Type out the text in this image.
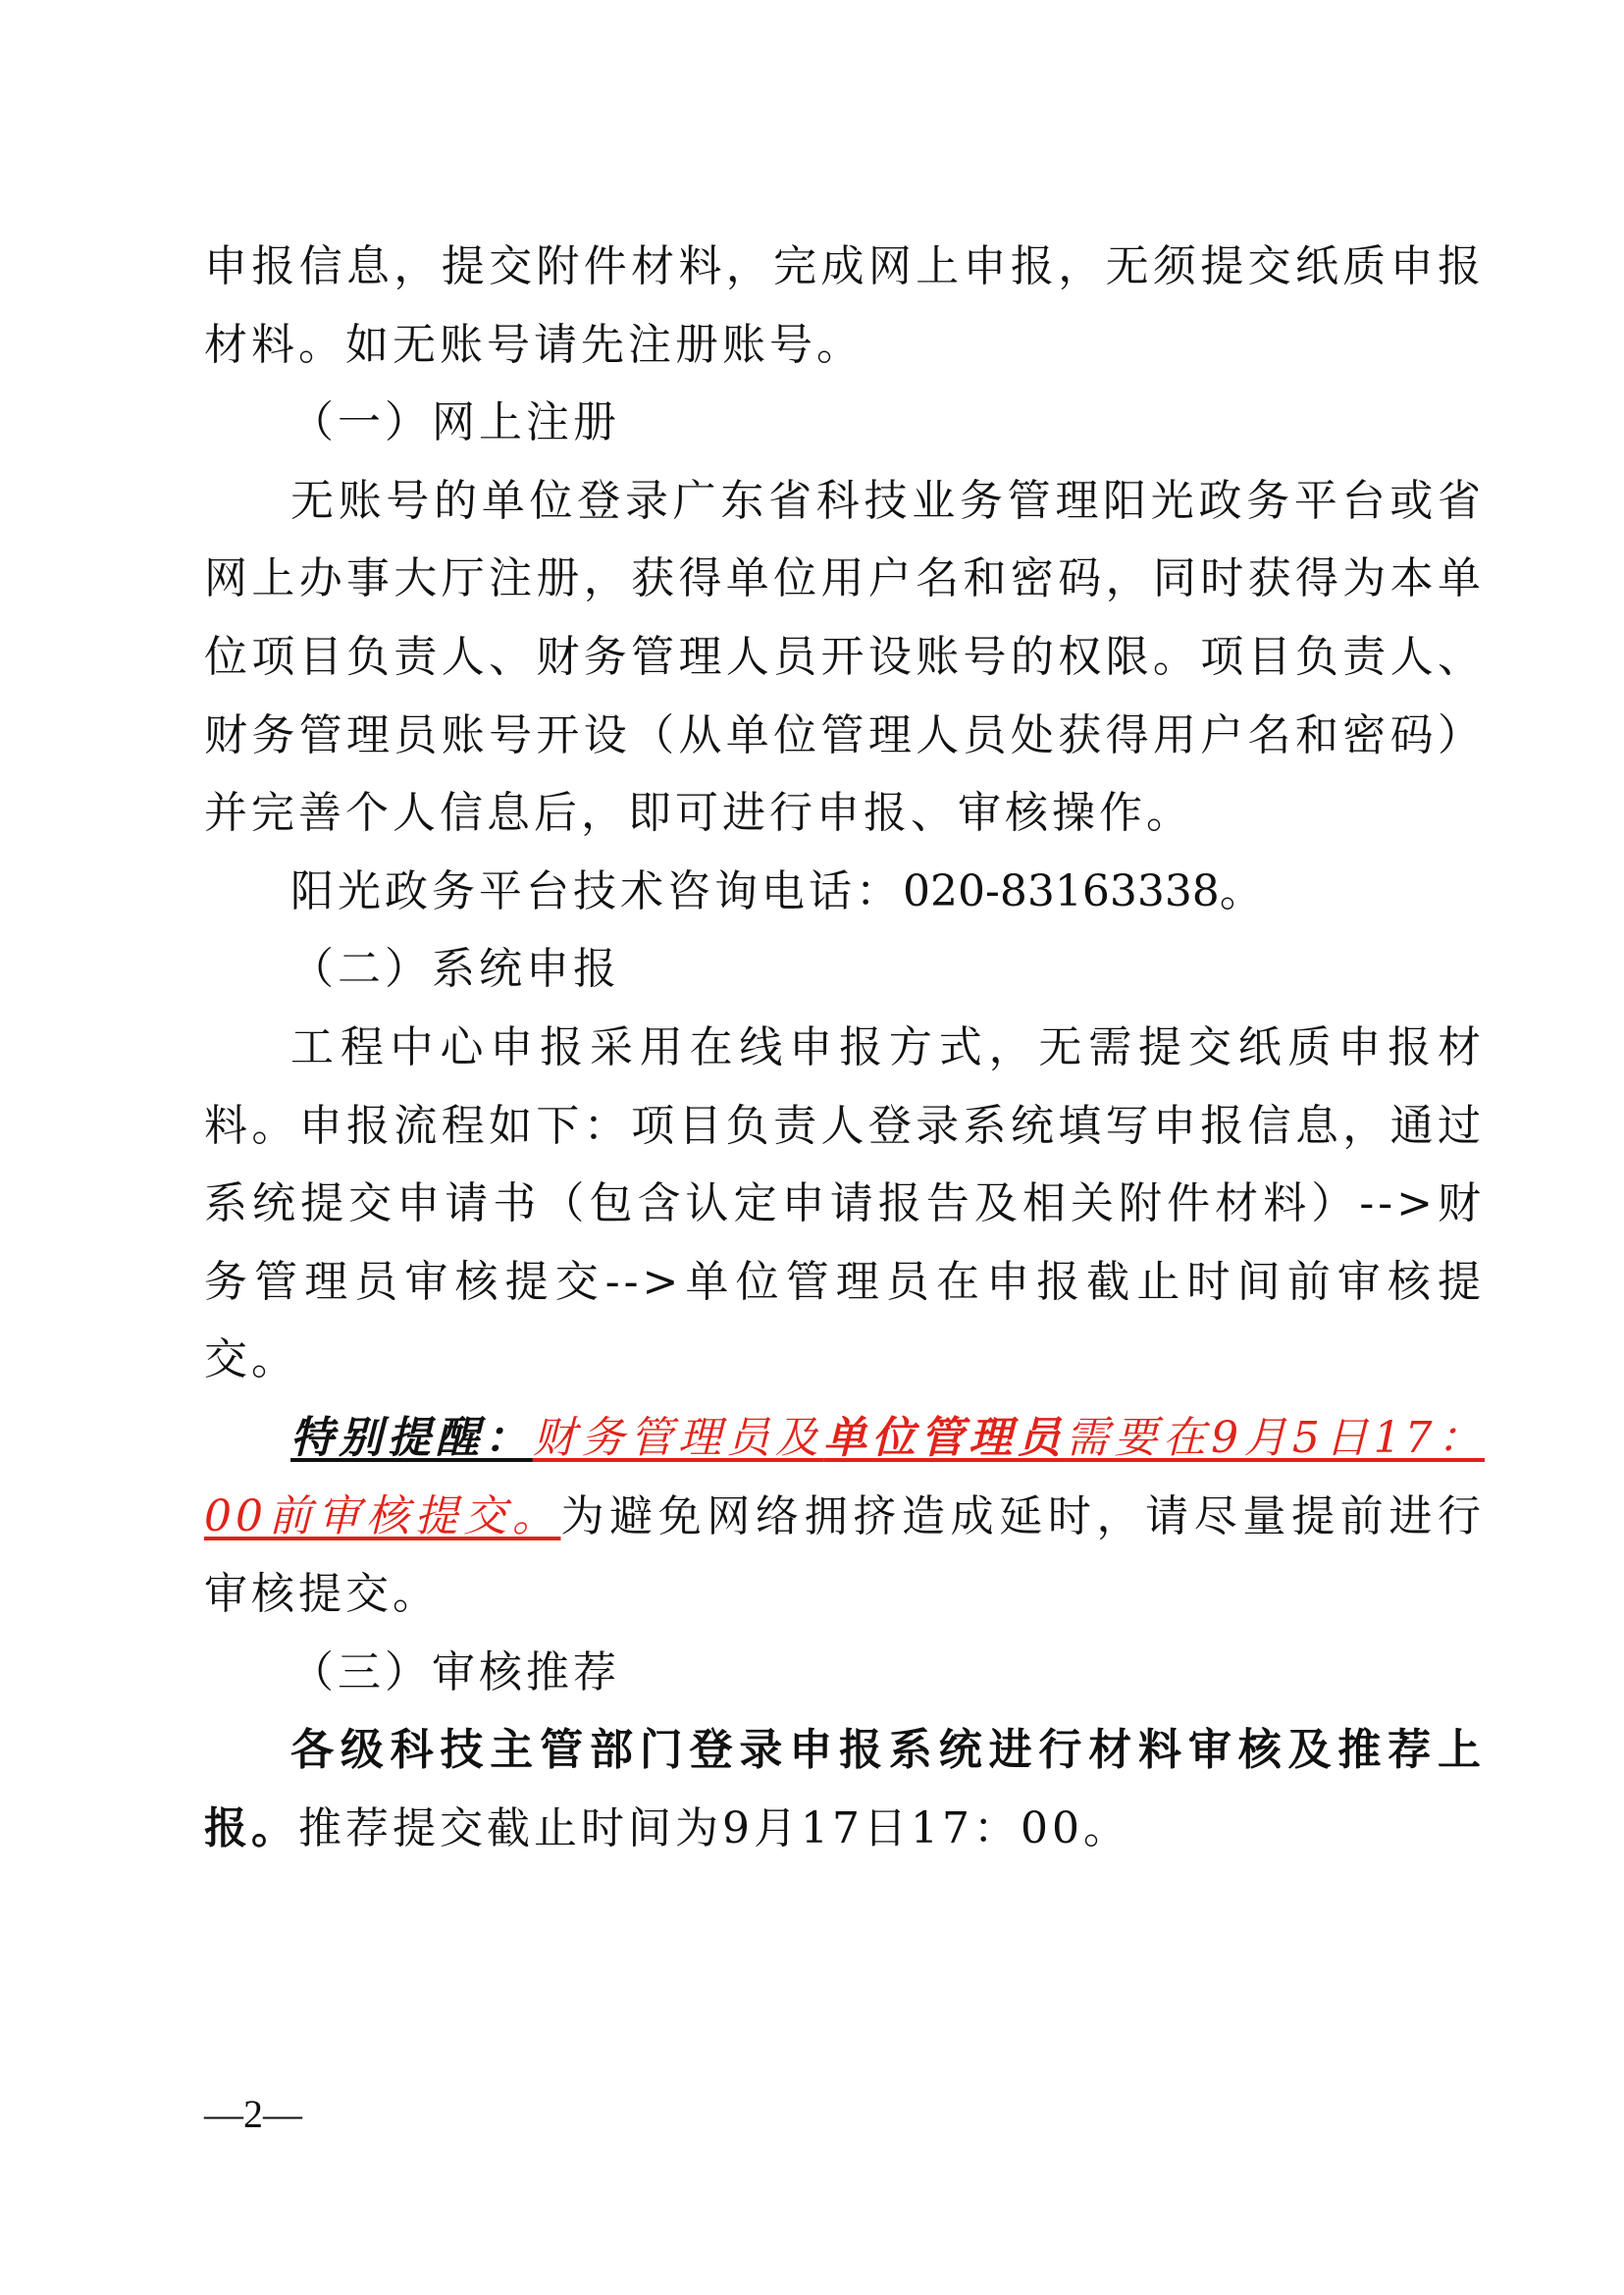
申报信息，提交附件材料，完成网上申报，无须提交纸质申报材料。如无账号请先注册账号。

（一）网上注册

无账号的单位登录广东省科技业务管理阳光政务平台或省网上办事大厅注册，获得单位用户名和密码，同时获得为本单位项目负责人、财务管理人员开设账号的权限。项目负责人、财务管理员账号开设（从单位管理人员处获得用户名和密码）并完善个人信息后，即可进行申报、审核操作。

阳光政务平台技术咨询电话：020-83163338。

（二）系统申报

工程中心申报采用在线申报方式，无需提交纸质申报材料。申报流程如下：项目负责人登录系统填写申报信息，通过系统提交申请书（包含认定申请报告及相关附件材料）-->财务管理员审核提交-->单位管理员在申报截止时间前审核提交。

特别提醒：财务管理员及单位管理员需要在9月5日17：00前审核提交。为避免网络拥挤造成延时，请尽量提前进行审核提交。

（三）审核推荐

各级科技主管部门登录申报系统进行材料审核及推荐上报。推荐提交截止时间为9月17日17：00。

—2—
